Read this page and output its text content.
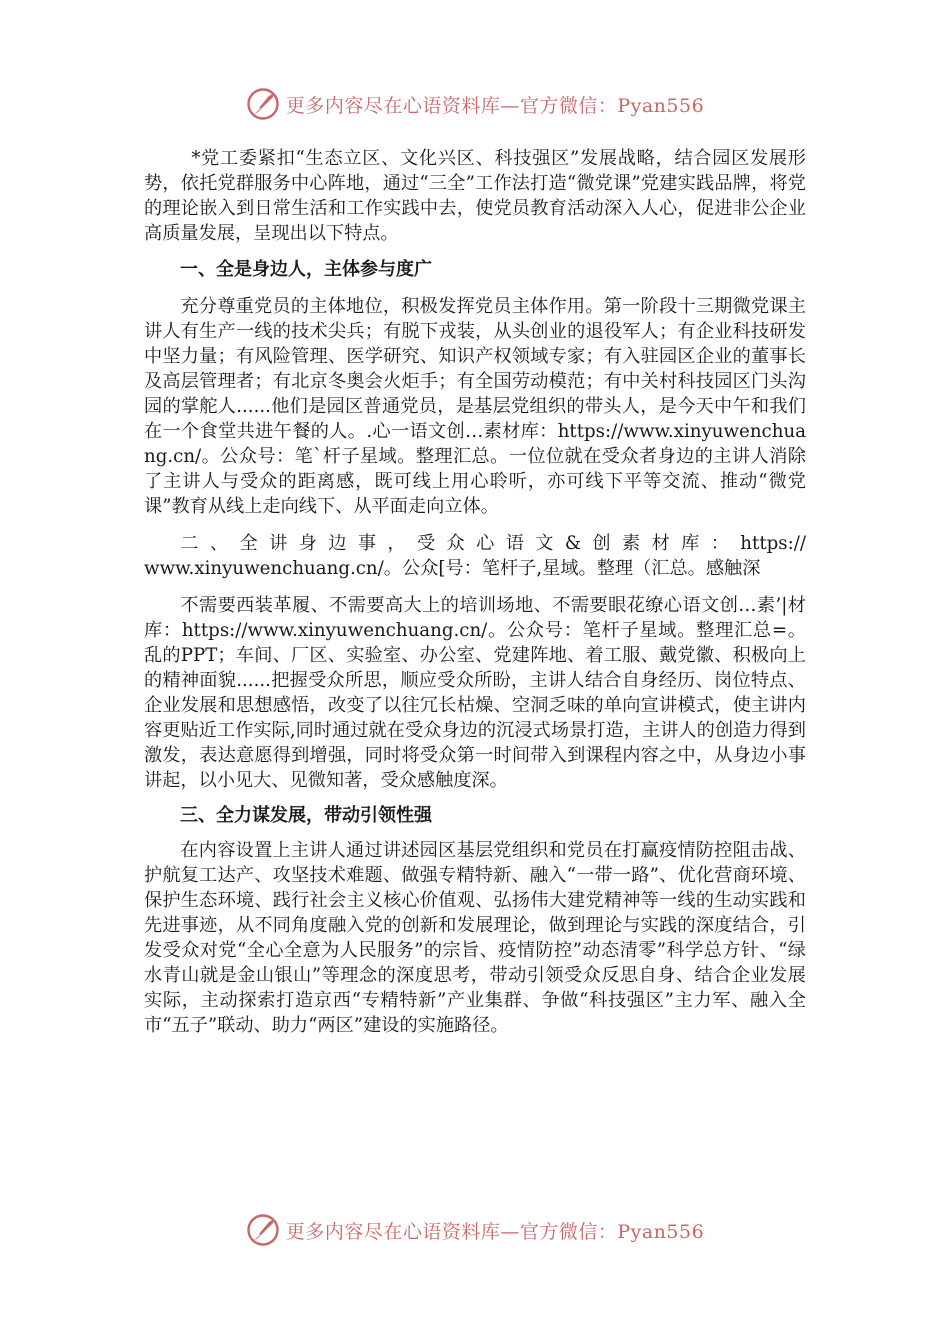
更多内容尽在心语资料库—官方微信：Pyan556

*党工委紧扣“生态立区、文化兴区、科技强区”发展战略，结合园区发展形势，依托党群服务中心阵地，通过“三全”工作法打造“微党课”党建实践品牌，将党的理论嵌入到日常生活和工作实践中去，使党员教育活动深入人心，促进非公企业高质量发展，呈现出以下特点。

一、全是身边人，主体参与度广

充分尊重党员的主体地位，积极发挥党员主体作用。第一阶段十三期微党课主讲人有生产一线的技术尖兵；有脱下戎装，从头创业的退役军人；有企业科技研发中坚力量；有风险管理、医学研究、知识产权领域专家；有入驻园区企业的董事长及高层管理者；有北京冬奥会火炬手；有全国劳动模范；有中关村科技园区门头沟园的掌舵人......他们是园区普通党员，是基层党组织的带头人，是今天中午和我们在一个食堂共进午餐的人。.心一语文创…素材库：https://www.xinyuwenchuang.cn/。公众号：笔`杆子星域。整理汇总。一位位就在受众者身边的主讲人消除了主讲人与受众的距离感，既可线上用心聆听，亦可线下平等交流、推动“微党课”教育从线上走向线下、从平面走向立体。

二、全讲身边事，受众心语文&创素材库：https://

www.xinyuwenchuang.cn/。公众[号：笔杆子,星域。整理（汇总。感触深

不需要西装革履、不需要高大上的培训场地、不需要眼花缭心语文创…素’|材库：https://www.xinyuwenchuang.cn/。公众号：笔杆子星域。整理汇总=。乱的PPT；车间、厂区、实验室、办公室、党建阵地、着工服、戴党徽、积极向上的精神面貌......把握受众所思，顺应受众所盼，主讲人结合自身经历、岗位特点、企业发展和思想感悟，改变了以往冗长枯燥、空洞乏味的单向宣讲模式，使主讲内容更贴近工作实际,同时通过就在受众身边的沉浸式场景打造，主讲人的创造力得到激发，表达意愿得到增强，同时将受众第一时间带入到课程内容之中，从身边小事讲起，以小见大、见微知著，受众感触度深。

三、全力谋发展，带动引领性强

在内容设置上主讲人通过讲述园区基层党组织和党员在打赢疫情防控阻击战、护航复工达产、攻坚技术难题、做强专精特新、融入“一带一路”、优化营商环境、保护生态环境、践行社会主义核心价值观、弘扬伟大建党精神等一线的生动实践和先进事迹，从不同角度融入党的创新和发展理论，做到理论与实践的深度结合，引发受众对党“全心全意为人民服务”的宗旨、疫情防控”动态清零”科学总方针、“绿水青山就是金山银山”等理念的深度思考，带动引领受众反思自身、结合企业发展实际，主动探索打造京西“专精特新”产业集群、争做“科技强区”主力军、融入全市“五子”联动、助力“两区”建设的实施路径。

更多内容尽在心语资料库—官方微信：Pyan556
